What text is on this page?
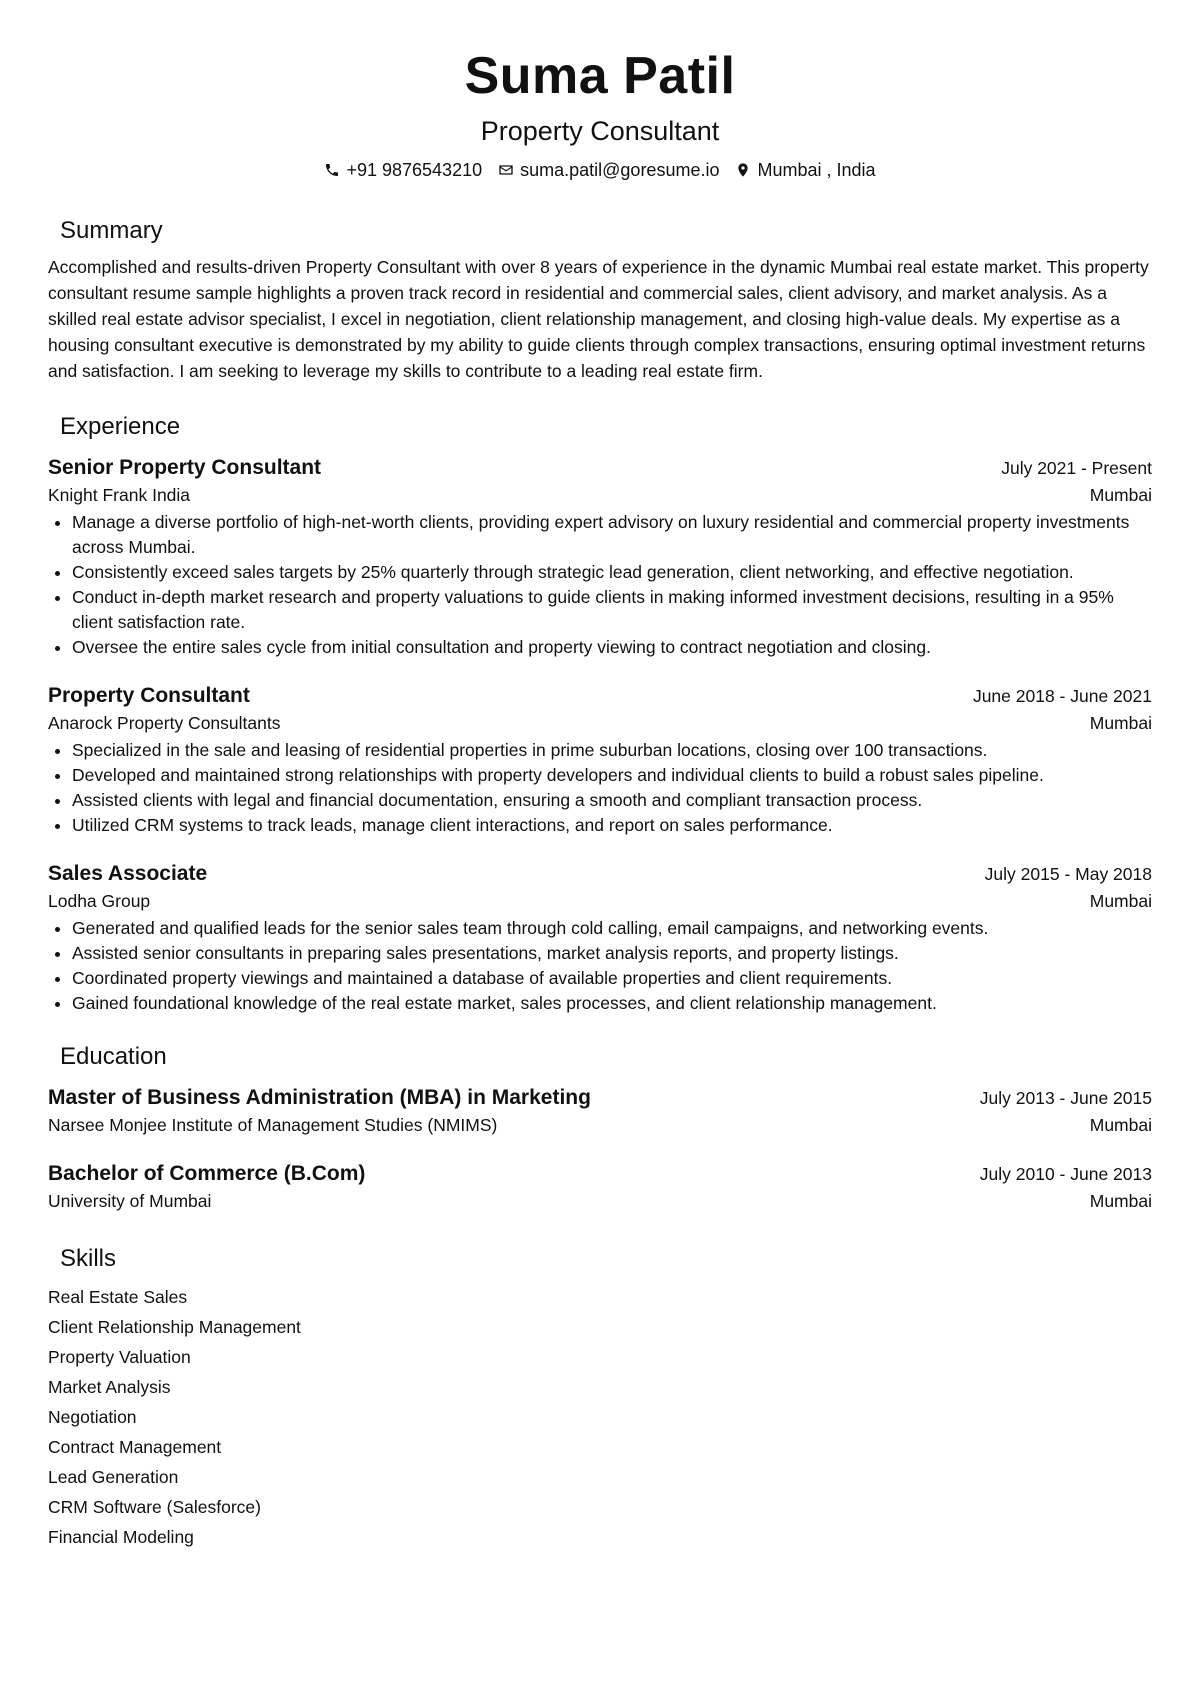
Suma Patil
Property Consultant
+91 9876543210 suma.patil@goresume.io Mumbai , India
Summary
Accomplished and results-driven Property Consultant with over 8 years of experience in the dynamic Mumbai real estate market. This property consultant resume sample highlights a proven track record in residential and commercial sales, client advisory, and market analysis. As a skilled real estate advisor specialist, I excel in negotiation, client relationship management, and closing high-value deals. My expertise as a housing consultant executive is demonstrated by my ability to guide clients through complex transactions, ensuring optimal investment returns and satisfaction. I am seeking to leverage my skills to contribute to a leading real estate firm.
Experience
Senior Property Consultant	July 2021 - Present
Knight Frank India	Mumbai
• Manage a diverse portfolio of high-net-worth clients, providing expert advisory on luxury residential and commercial property investments across Mumbai.
• Consistently exceed sales targets by 25% quarterly through strategic lead generation, client networking, and effective negotiation.
• Conduct in-depth market research and property valuations to guide clients in making informed investment decisions, resulting in a 95% client satisfaction rate.
• Oversee the entire sales cycle from initial consultation and property viewing to contract negotiation and closing.
Property Consultant	June 2018 - June 2021
Anarock Property Consultants	Mumbai
• Specialized in the sale and leasing of residential properties in prime suburban locations, closing over 100 transactions.
• Developed and maintained strong relationships with property developers and individual clients to build a robust sales pipeline.
• Assisted clients with legal and financial documentation, ensuring a smooth and compliant transaction process.
• Utilized CRM systems to track leads, manage client interactions, and report on sales performance.
Sales Associate	July 2015 - May 2018
Lodha Group	Mumbai
• Generated and qualified leads for the senior sales team through cold calling, email campaigns, and networking events.
• Assisted senior consultants in preparing sales presentations, market analysis reports, and property listings.
• Coordinated property viewings and maintained a database of available properties and client requirements.
• Gained foundational knowledge of the real estate market, sales processes, and client relationship management.
Education
Master of Business Administration (MBA) in Marketing	July 2013 - June 2015
Narsee Monjee Institute of Management Studies (NMIMS)	Mumbai
Bachelor of Commerce (B.Com)	July 2010 - June 2013
University of Mumbai	Mumbai
Skills
Real Estate Sales
Client Relationship Management
Property Valuation
Market Analysis
Negotiation
Contract Management
Lead Generation
CRM Software (Salesforce)
Financial Modeling
